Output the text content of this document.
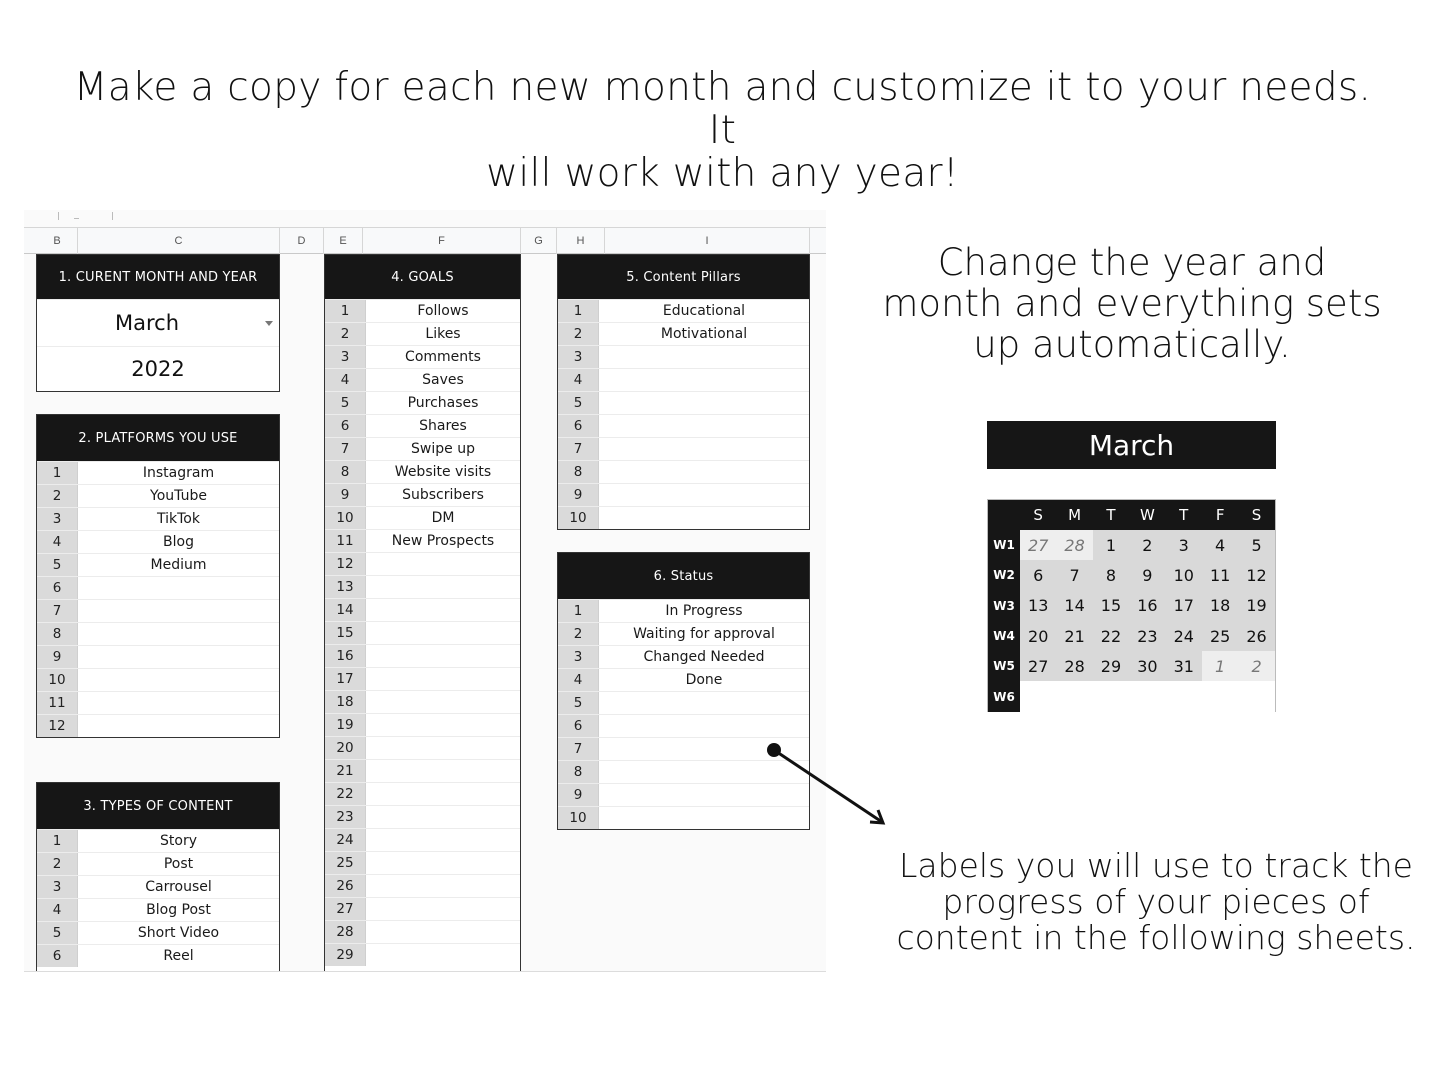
Make a copy for each new month and customize it to your needs. It
will work with any year!
B	C	D	E	F	G	H	I
1. CURENT MONTH AND YEAR
March
2022
2. PLATFORMS YOU USE
1	Instagram
2	YouTube
3	TikTok
4	Blog
5	Medium
6
7
8
9
10
11
12
3. TYPES OF CONTENT
1	Story
2	Post
3	Carrousel
4	Blog Post
5	Short Video
6	Reel
4. GOALS
1	Follows
2	Likes
3	Comments
4	Saves
5	Purchases
6	Shares
7	Swipe up
8	Website visits
9	Subscribers
10	DM
11	New Prospects
12
13
14
15
16
17
18
19
20
21
22
23
24
25
26
27
28
29
5. Content Pillars
1	Educational
2	Motivational
3
4
5
6
7
8
9
10
6. Status
1	In Progress
2	Waiting for approval
3	Changed Needed
4	Done
5
6
7
8
9
10
Change the year and month and everything sets up automatically.
March
S	M	T	W	T	F	S
W1 27	28	1	2	3	4	5
W2	6	7	8	9	10	11	12
W3 13	14	15	16	17	18	19
W4 20	21	22	23	24	25	26
W5 27	28	29	30	31	1	2
W6
Labels you will use to track the progress of your pieces of content in the following sheets.
